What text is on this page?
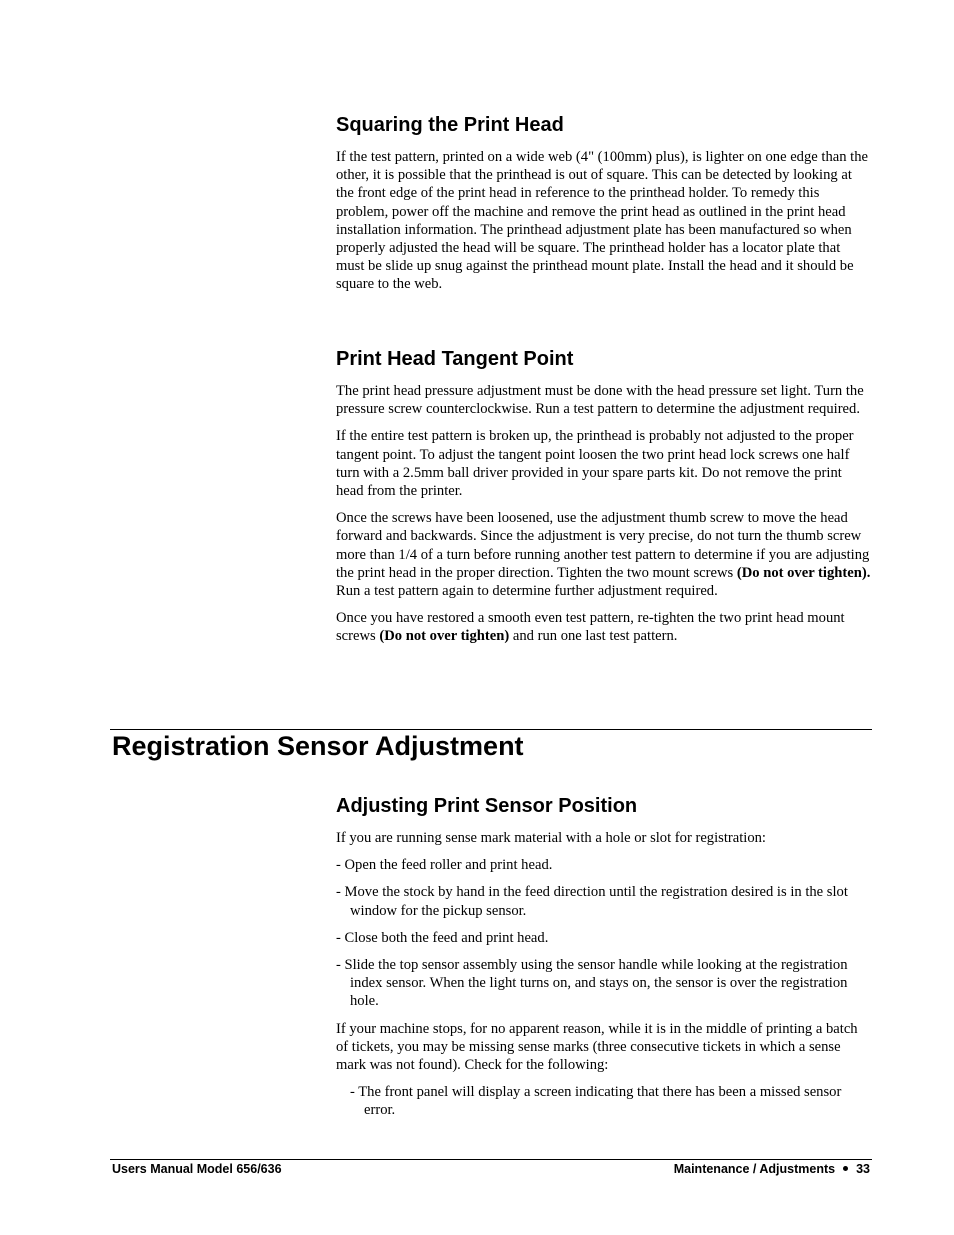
Squaring the Print Head

If the test pattern, printed on a wide web (4" (100mm) plus), is lighter on one edge than the other, it is possible that the printhead is out of square. This can be detected by looking at the front edge of the print head in reference to the printhead holder. To remedy this problem, power off the machine and remove the print head as outlined in the print head installation information. The printhead adjustment plate has been manufactured so when properly adjusted the head will be square. The printhead holder has a locator plate that must be slide up snug against the printhead mount plate. Install the head and it should be square to the web.

Print Head Tangent Point

The print head pressure adjustment must be done with the head pressure set light. Turn the pressure screw counterclockwise. Run a test pattern to determine the adjustment required.

If the entire test pattern is broken up, the printhead is probably not adjusted to the proper tangent point. To adjust the tangent point loosen the two print head lock screws one half turn with a 2.5mm ball driver provided in your spare parts kit. Do not remove the print head from the printer.

Once the screws have been loosened, use the adjustment thumb screw to move the head forward and backwards. Since the adjustment is very precise, do not turn the thumb screw more than 1/4 of a turn before running another test pattern to determine if you are adjusting the print head in the proper direction. Tighten the two mount screws (Do not over tighten). Run a test pattern again to determine further adjustment required.

Once you have restored a smooth even test pattern, re-tighten the two print head mount screws (Do not over tighten) and run one last test pattern.

Registration Sensor Adjustment
Adjusting Print Sensor Position

If you are running sense mark material with a hole or slot for registration:

- Open the feed roller and print head.

- Move the stock by hand in the feed direction until the registration desired is in the slot window for the pickup sensor.

- Close both the feed and print head.

- Slide the top sensor assembly using the sensor handle while looking at the registration index sensor. When the light turns on, and stays on, the sensor is over the registration hole.

If your machine stops, for no apparent reason, while it is in the middle of printing a batch of tickets, you may be missing sense marks (three consecutive tickets in which a sense mark was not found). Check for the following:

- The front panel will display a screen indicating that there has been a missed sensor error.

Users Manual Model 656/636	Maintenance / Adjustments 33
